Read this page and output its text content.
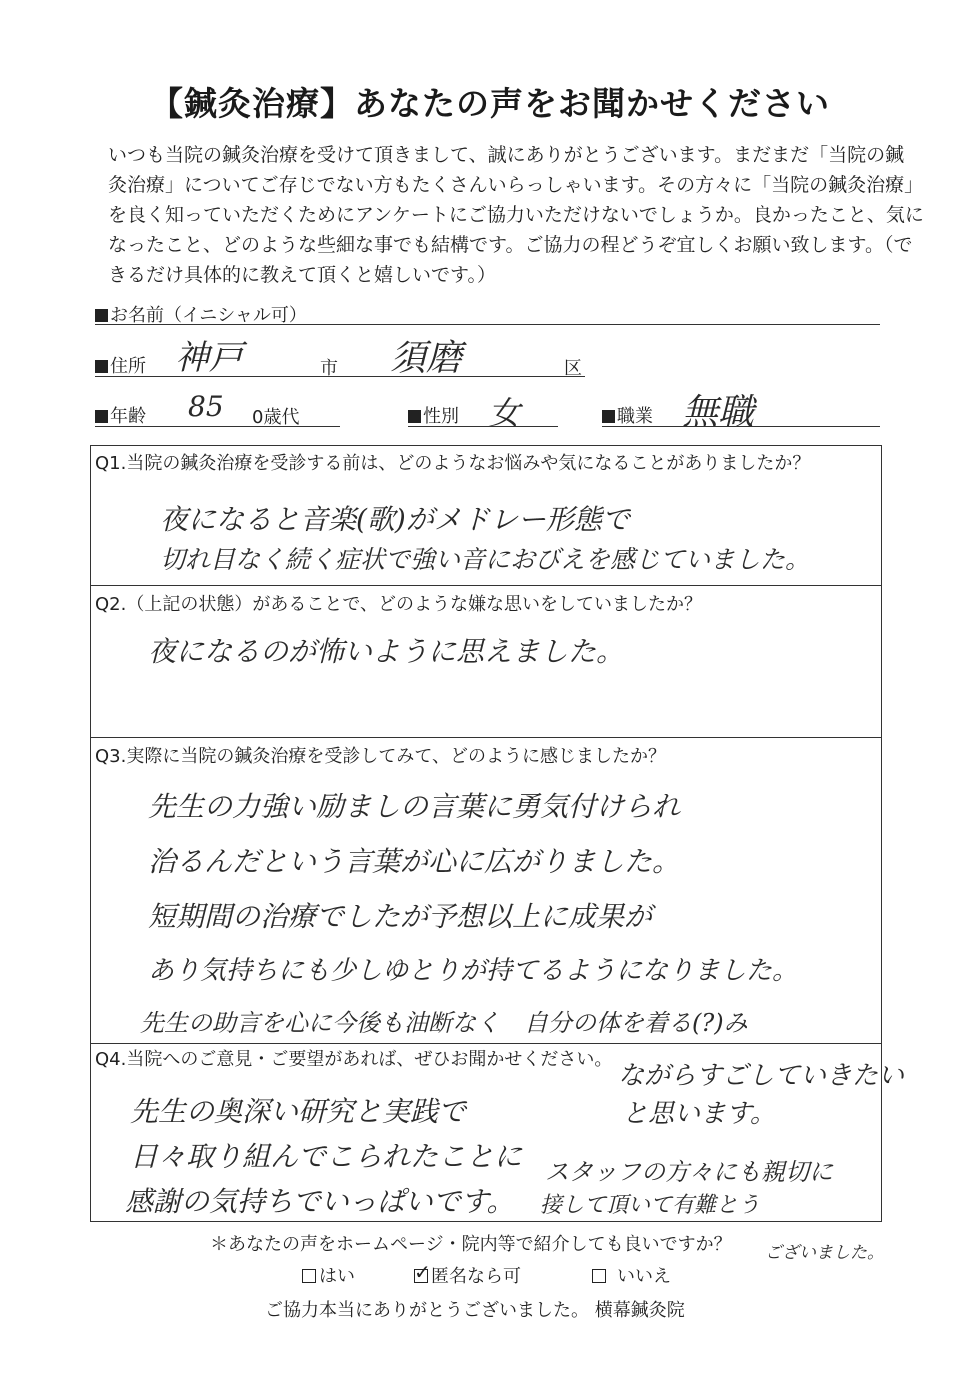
【鍼灸治療】あなたの声をお聞かせください
いつも当院の鍼灸治療を受けて頂きまして、誠にありがとうございます。まだまだ「当院の鍼
灸治療」についてご存じでない方もたくさんいらっしゃいます。その方々に「当院の鍼灸治療」
を良く知っていただくためにアンケートにご協力いただけないでしょうか。良かったこと、気に
なったこと、どのような些細な事でも結構です。ご協力の程どうぞ宜しくお願い致します。（で
きるだけ具体的に教えて頂くと嬉しいです。）
お名前（イニシャル可）
住所 神戸	市 須磨	区
年齢 85 0歳代	性別 女	職業 無職
Q1.当院の鍼灸治療を受診する前は、どのようなお悩みや気になることがありましたか？
夜になると音楽(歌)がメドレー形態で
切れ目なく続く症状で強い音におびえを感じていました。
Q2.（上記の状態）があることで、どのような嫌な思いをしていましたか？
夜になるのが怖いように思えました。
Q3.実際に当院の鍼灸治療を受診してみて、どのように感じましたか？
先生の力強い励ましの言葉に勇気付けられ
治るんだという言葉が心に広がりました。
短期間の治療でしたが予想以上に成果が
あり気持ちにも少しゆとりが持てるようになりました。
先生の助言を心に今後も油断なく　自分の体を着る(?)み
ながらすごしていきたい
と思います。
Q4.当院へのご意見・ご要望があれば、ぜひお聞かせください。
先生の奥深い研究と実践で
日々取り組んでこられたことに
感謝の気持ちでいっぱいです。
スタッフの方々にも親切に
接して頂いて有難とう
ございました。
＊あなたの声をホームページ・院内等で紹介しても良いですか？
はい	✓ 匿名なら可	いいえ
ご協力本当にありがとうございました。 横幕鍼灸院
